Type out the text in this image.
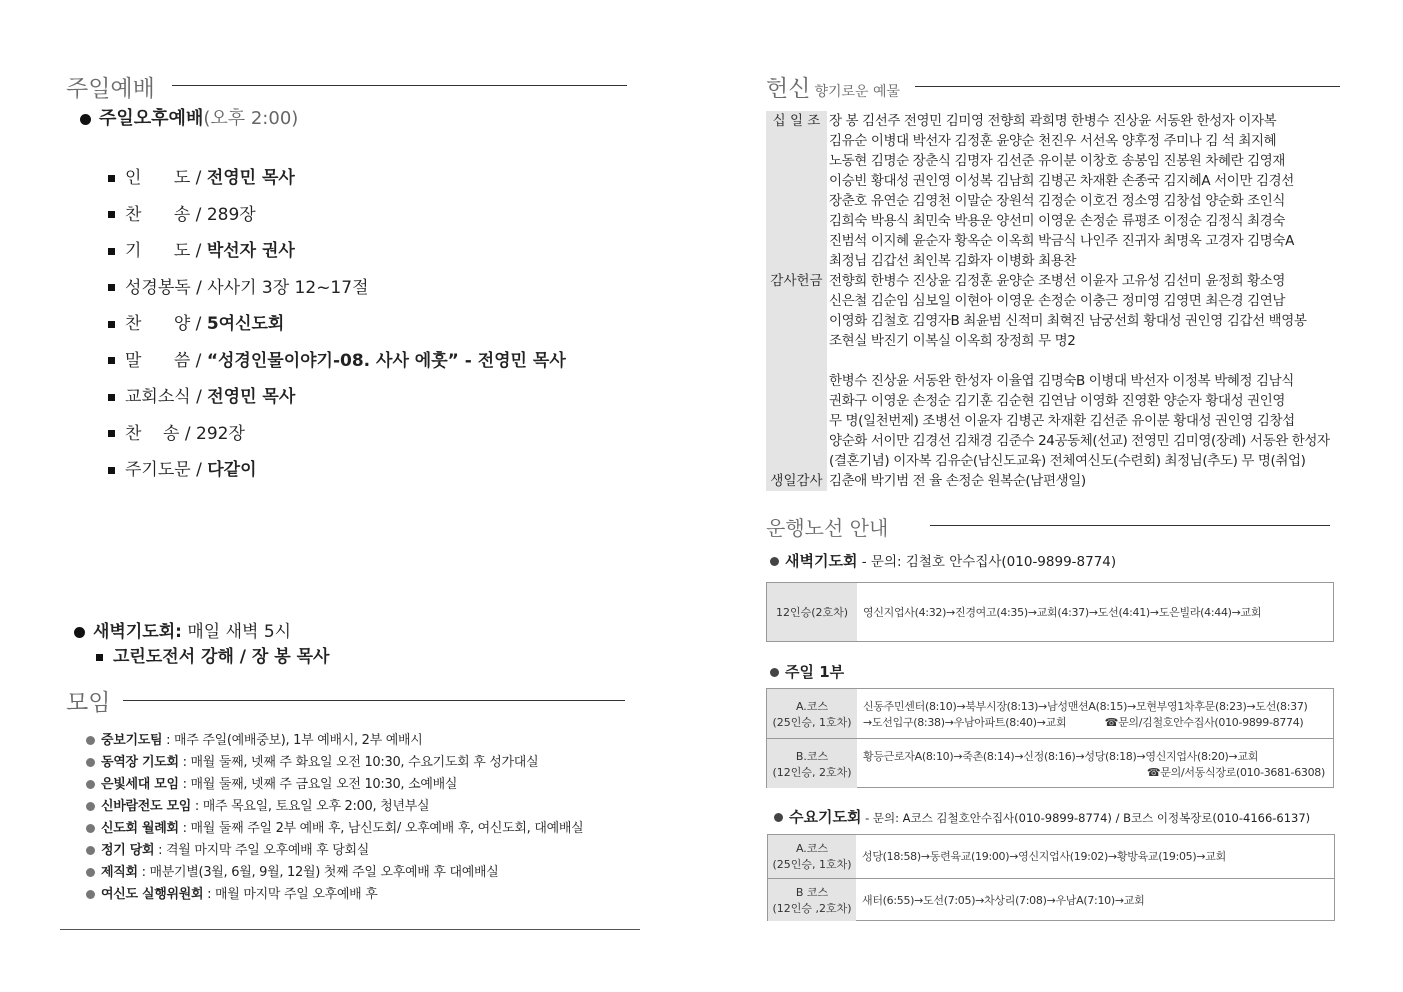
주일예배
주일오후예배(오후 2:00)
인      도 / 전영민 목사
찬      송 / 289장
기      도 / 박선자 권사
성경봉독 / 사사기 3장 12~17절
찬      양 / 5여신도회
말      씀 / “성경인물이야기-08. 사사 에훗” - 전영민 목사
교회소식 / 전영민 목사
찬    송 / 292장
주기도문 / 다같이
새벽기도회: 매일 새벽 5시
고린도전서 강해 / 장 봉 목사
모임
중보기도팀 : 매주 주일(예배중보), 1부 예배시, 2부 예배시
동역장 기도회 : 매월 둘째, 넷째 주 화요일 오전 10:30, 수요기도회 후 성가대실
은빛세대 모임 : 매월 둘째, 넷째 주 금요일 오전 10:30, 소예배실
신바람전도 모임 : 매주 목요일, 토요일 오후 2:00, 청년부실
신도회 월례회 : 매월 둘째 주일 2부 예배 후, 남신도회/ 오후예배 후, 여신도회, 대예배실
정기 당회 : 격월 마지막 주일 오후예배 후 당회실
제직회 : 매분기별(3월, 6월, 9월, 12월) 첫째 주일 오후예배 후 대예배실
여신도 실행위원회 : 매월 마지막 주일 오후예배 후
헌신 향기로운 예물
십 일 조 장 봉 김선주 전영민 김미영 전향희 곽희명 한병수 진상윤 서동완 한성자 이자복
김유순 이병대 박선자 김정훈 윤양순 천진우 서선옥 양후정 주미나 김 석 최지혜
노동현 김명순 장춘식 김명자 김선준 유이분 이창호 송봉임 진봉원 차혜란 김영재
이승빈 황대성 권인영 이성복 김남희 김병곤 차재환 손종국 김지혜A 서이만 김경선
장춘호 유연순 김영천 이말순 장원석 김정순 이호건 정소영 김창섭 양순화 조인식
김희숙 박용식 최민숙 박용운 양선미 이영운 손정순 류평조 이정순 김정식 최경숙
진범석 이지혜 윤순자 황옥순 이옥희 박금식 나인주 진귀자 최명옥 고경자 김명숙A
최정님 김갑선 최인복 김화자 이병화 최용찬
감사헌금 전향희 한병수 진상윤 김정훈 윤양순 조병선 이윤자 고유성 김선미 윤정희 황소영
신은철 김순임 심보일 이현아 이영운 손정순 이충근 정미영 김영면 최은경 김연남
이영화 김철호 김영자B 최윤범 신적미 최혁진 남궁선희 황대성 권인영 김갑선 백영봉
조현실 박진기 이복실 이옥희 장정희 무 명2
한병수 진상윤 서동완 한성자 이율엽 김명숙B 이병대 박선자 이정복 박혜정 김남식
권화구 이영운 손정순 김기훈 김순현 김연남 이영화 진영환 양순자 황대성 권인영
무 명(일천번제) 조병선 이윤자 김병곤 차재환 김선준 유이분 황대성 권인영 김창섭
양순화 서이만 김경선 김채경 김준수 24공동체(선교) 전영민 김미영(장례) 서동완 한성자
(결혼기념) 이자복 김유순(남신도교육) 전체여신도(수련회) 최정님(추도) 무 명(취업)
생일감사 김춘애 박기범 전 율 손정순 원복순(남편생일)
운행노선 안내
새벽기도회 - 문의: 김철호 안수집사(010-9899-8774)
12인승(2호차) 영신지업사(4:32)→진경여고(4:35)→교회(4:37)→도선(4:41)→도은빌라(4:44)→교회
주일 1부
A.코스
(25인승, 1호차)
신동주민센터(8:10)→북부시장(8:13)→남성맨션A(8:15)→모현부영1차후문(8:23)→도선(8:37)
→도선입구(8:38)→우남아파트(8:40)→교회            ☎문의/김철호안수집사(010-9899-8774)
B.코스
(12인승, 2호차)
황등근로자A(8:10)→죽촌(8:14)→신정(8:16)→성당(8:18)→영신지업사(8:20)→교회
☎문의/서동식장로(010-3681-6308)
수요기도회 - 문의: A코스 김철호안수집사(010-9899-8774) / B코스 이정복장로(010-4166-6137)
A.코스
(25인승, 1호차)
성당(18:58)→동련육교(19:00)→영신지업사(19:02)→황방육교(19:05)→교회
B 코스
(12인승 ,2호차)
새터(6:55)→도선(7:05)→차상리(7:08)→우남A(7:10)→교회
